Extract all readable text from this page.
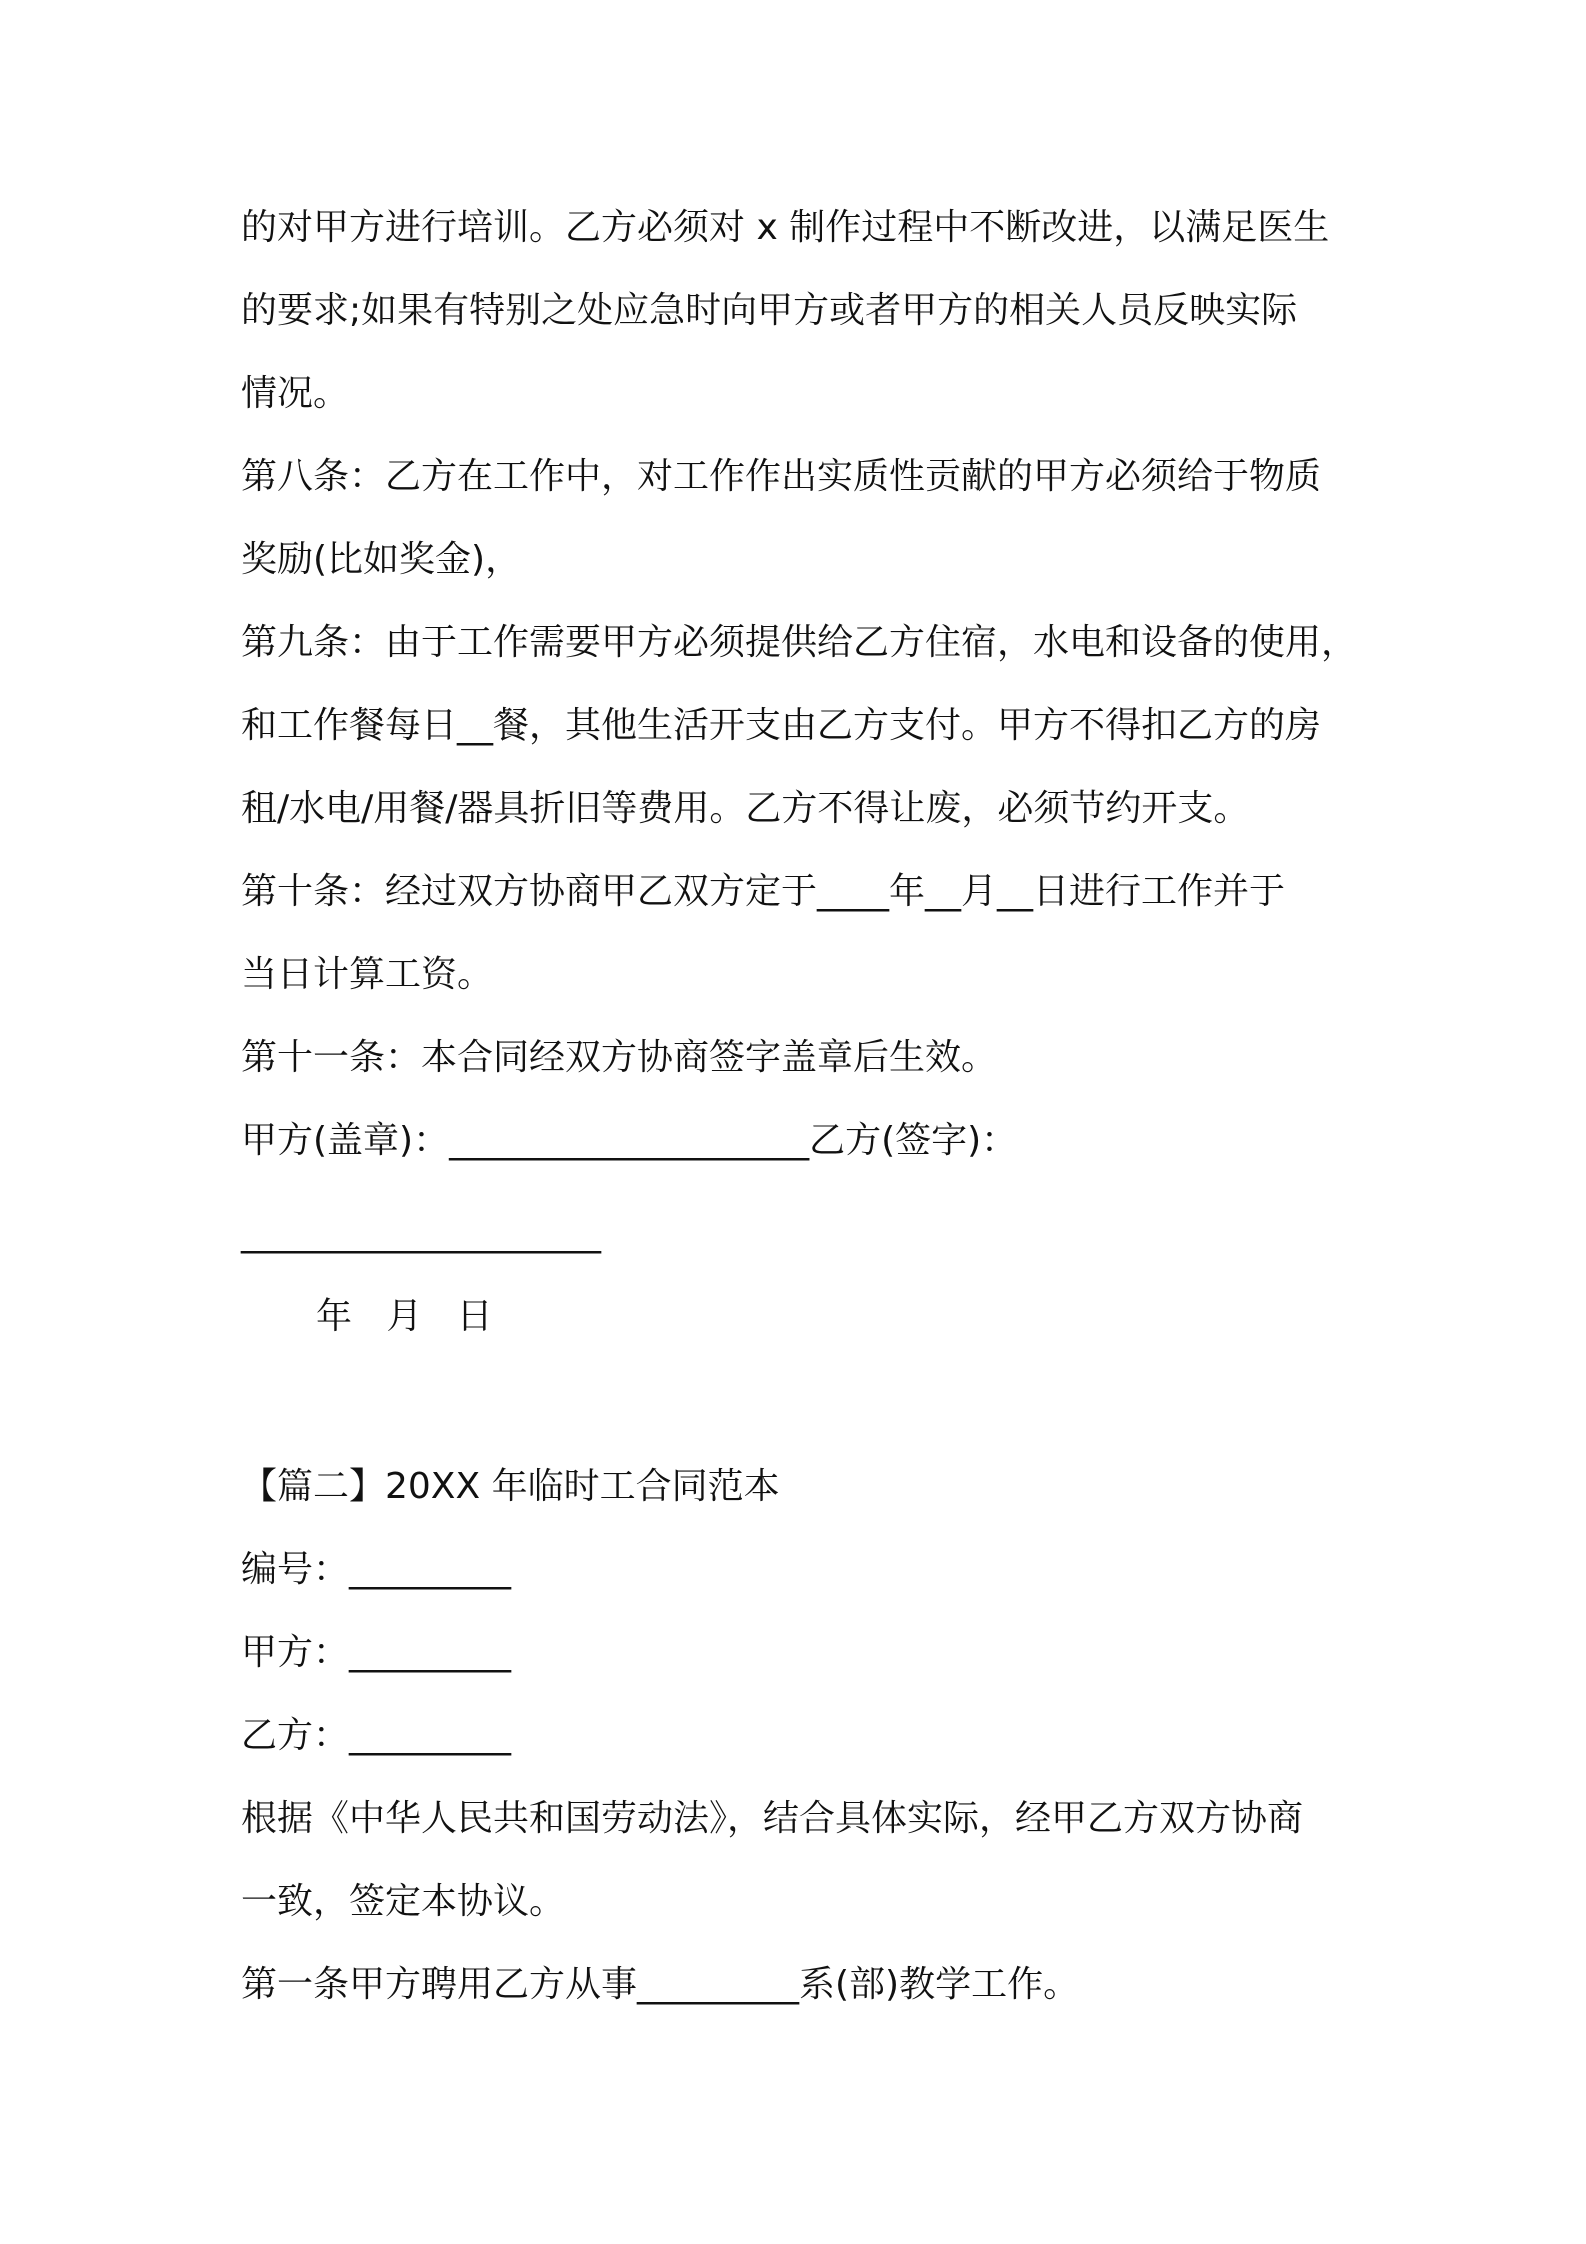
的对甲方进行培训。乙方必须对 x 制作过程中不断改进，以满足医生
的要求;如果有特别之处应急时向甲方或者甲方的相关人员反映实际
情况。
第八条：乙方在工作中，对工作作出实质性贡献的甲方必须给于物质
奖励(比如奖金)，
第九条：由于工作需要甲方必须提供给乙方住宿，水电和设备的使用，
和工作餐每日__餐，其他生活开支由乙方支付。甲方不得扣乙方的房
租/水电/用餐/器具折旧等费用。乙方不得让废，必须节约开支。
第十条：经过双方协商甲乙双方定于____年__月__日进行工作并于
当日计算工资。
第十一条：本合同经双方协商签字盖章后生效。
甲方(盖章)：____________________乙方(签字)：
____________________
年   月   日
【篇二】20XX 年临时工合同范本
编号：_________
甲方：_________
乙方：_________
根据《中华人民共和国劳动法》，结合具体实际，经甲乙方双方协商
一致，签定本协议。
第一条甲方聘用乙方从事_________系(部)教学工作。
